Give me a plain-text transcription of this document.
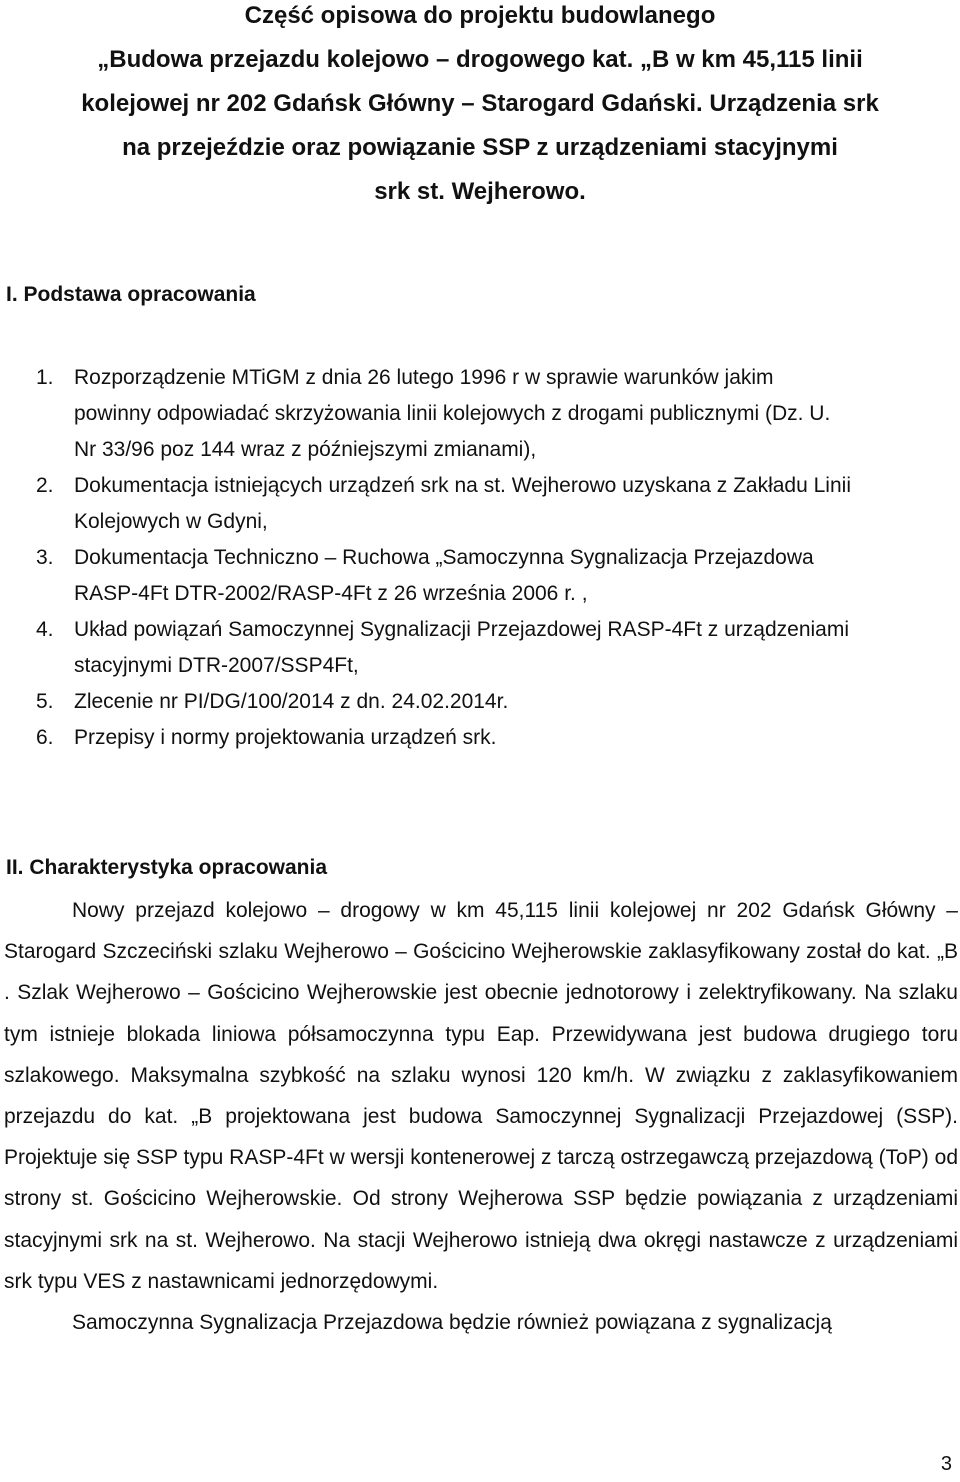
Część opisowa do projektu budowlanego
„Budowa przejazdu kolejowo – drogowego kat. „B w km 45,115 linii
kolejowej nr 202 Gdańsk Główny – Starogard Gdański. Urządzenia srk
na przejeździe oraz powiązanie SSP z urządzeniami stacyjnymi
srk st. Wejherowo.
I. Podstawa opracowania
1. Rozporządzenie MTiGM z dnia 26 lutego 1996 r w sprawie warunków jakim
powinny odpowiadać skrzyżowania linii kolejowych z drogami publicznymi (Dz. U.
Nr 33/96 poz 144 wraz z późniejszymi zmianami),
2. Dokumentacja istniejących urządzeń srk na st. Wejherowo uzyskana z Zakładu Linii
Kolejowych w Gdyni,
3. Dokumentacja Techniczno – Ruchowa „Samoczynna Sygnalizacja Przejazdowa
RASP-4Ft DTR-2002/RASP-4Ft z 26 września 2006 r. ,
4. Układ powiązań Samoczynnej Sygnalizacji Przejazdowej RASP-4Ft z urządzeniami
stacyjnymi DTR-2007/SSP4Ft,
5. Zlecenie nr PI/DG/100/2014 z dn. 24.02.2014r.
6. Przepisy i normy projektowania urządzeń srk.
II. Charakterystyka opracowania

Nowy przejazd kolejowo – drogowy w km 45,115 linii kolejowej nr 202 Gdańsk Główny – Starogard Szczeciński szlaku Wejherowo – Gościcino Wejherowskie zaklasyfikowany został do kat. „B . Szlak Wejherowo – Gościcino Wejherowskie jest obecnie jednotorowy i zelektryfikowany. Na szlaku tym istnieje blokada liniowa półsamoczynna typu Eap. Przewidywana jest budowa drugiego toru szlakowego. Maksymalna szybkość na szlaku wynosi 120 km/h. W związku z zaklasyfikowaniem przejazdu do kat. „B projektowana jest budowa Samoczynnej Sygnalizacji Przejazdowej (SSP). Projektuje się SSP typu RASP-4Ft w wersji kontenerowej z tarczą ostrzegawczą przejazdową (ToP) od strony st. Gościcino Wejherowskie. Od strony Wejherowa SSP będzie powiązania z urządzeniami stacyjnymi srk na st. Wejherowo. Na stacji Wejherowo istnieją dwa okręgi nastawcze z urządzeniami srk typu VES z nastawnicami jednorzędowymi.

Samoczynna Sygnalizacja Przejazdowa będzie również powiązana z sygnalizacją

3
